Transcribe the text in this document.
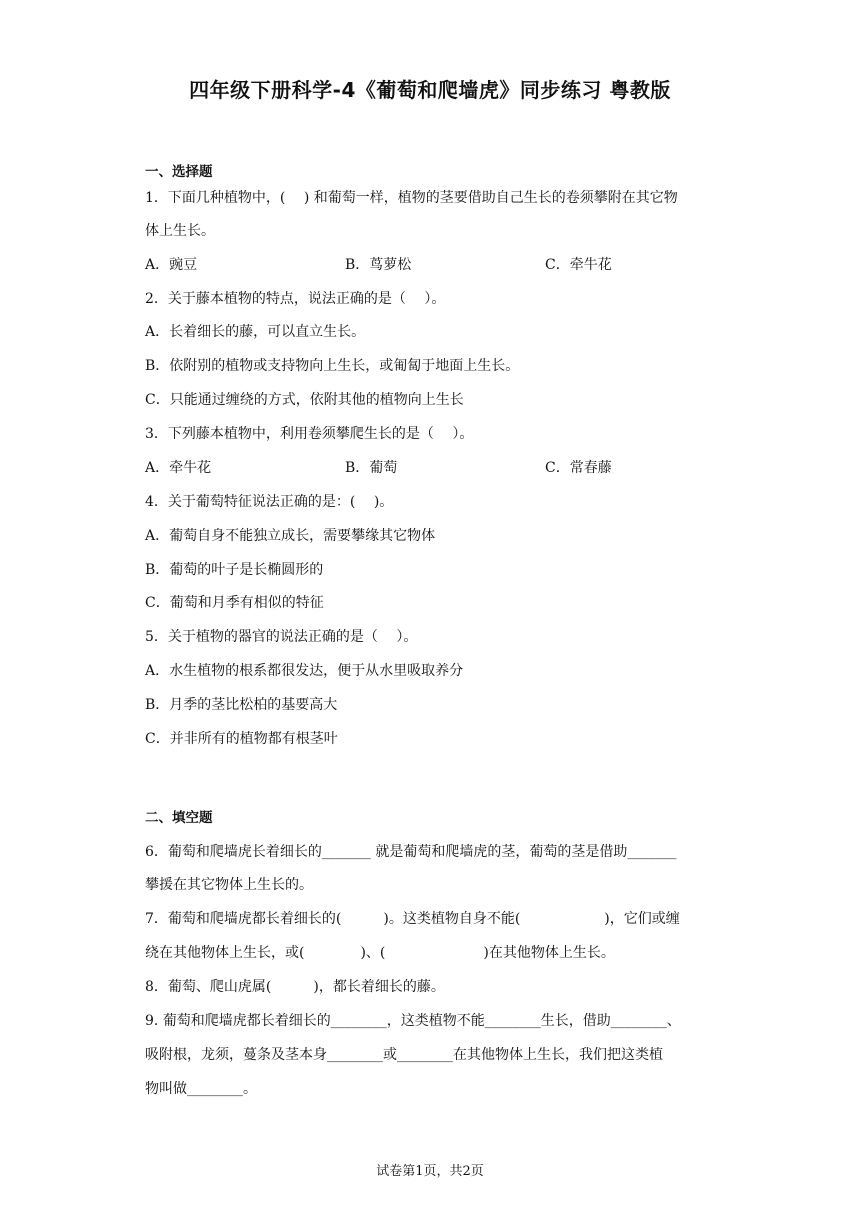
四年级下册科学-4《葡萄和爬墙虎》同步练习 粤教版
一、选择题
1．下面几种植物中，(　 ) 和葡萄一样，植物的茎要借助自己生长的卷须攀附在其它物
体上生长。
A．豌豆	B．茑萝松	C．牵牛花
2．关于藤本植物的特点，说法正确的是（　 ）。
A．长着细长的藤，可以直立生长。
B．依附别的植物或支持物向上生长，或匍匐于地面上生长。
C．只能通过缠绕的方式，依附其他的植物向上生长
3．下列藤本植物中，利用卷须攀爬生长的是（　 ）。
A．牵牛花	B．葡萄	C．常春藤
4．关于葡萄特征说法正确的是：(　 )。
A．葡萄自身不能独立成长，需要攀缘其它物体
B．葡萄的叶子是长椭圆形的
C．葡萄和月季有相似的特征
5．关于植物的器官的说法正确的是（　 ）。
A．水生植物的根系都很发达，便于从水里吸取养分
B．月季的茎比松柏的基要高大
C．并非所有的植物都有根茎叶
二、填空题
6．葡萄和爬墙虎长着细长的_______ 就是葡萄和爬墙虎的茎，葡萄的茎是借助_______
攀援在其它物体上生长的。
7．葡萄和爬墙虎都长着细长的(　　　)。这类植物自身不能(　　　　　　)，它们或缠
绕在其他物体上生长，或(　　　　)、(　　　　　　　)在其他物体上生长。
8．葡萄、爬山虎属(　　　)，都长着细长的藤。
9. 葡萄和爬墙虎都长着细长的________，这类植物不能________生长，借助________、
吸附根，龙须，蔓条及茎本身________或________在其他物体上生长，我们把这类植
物叫做________。
试卷第1页，共2页
